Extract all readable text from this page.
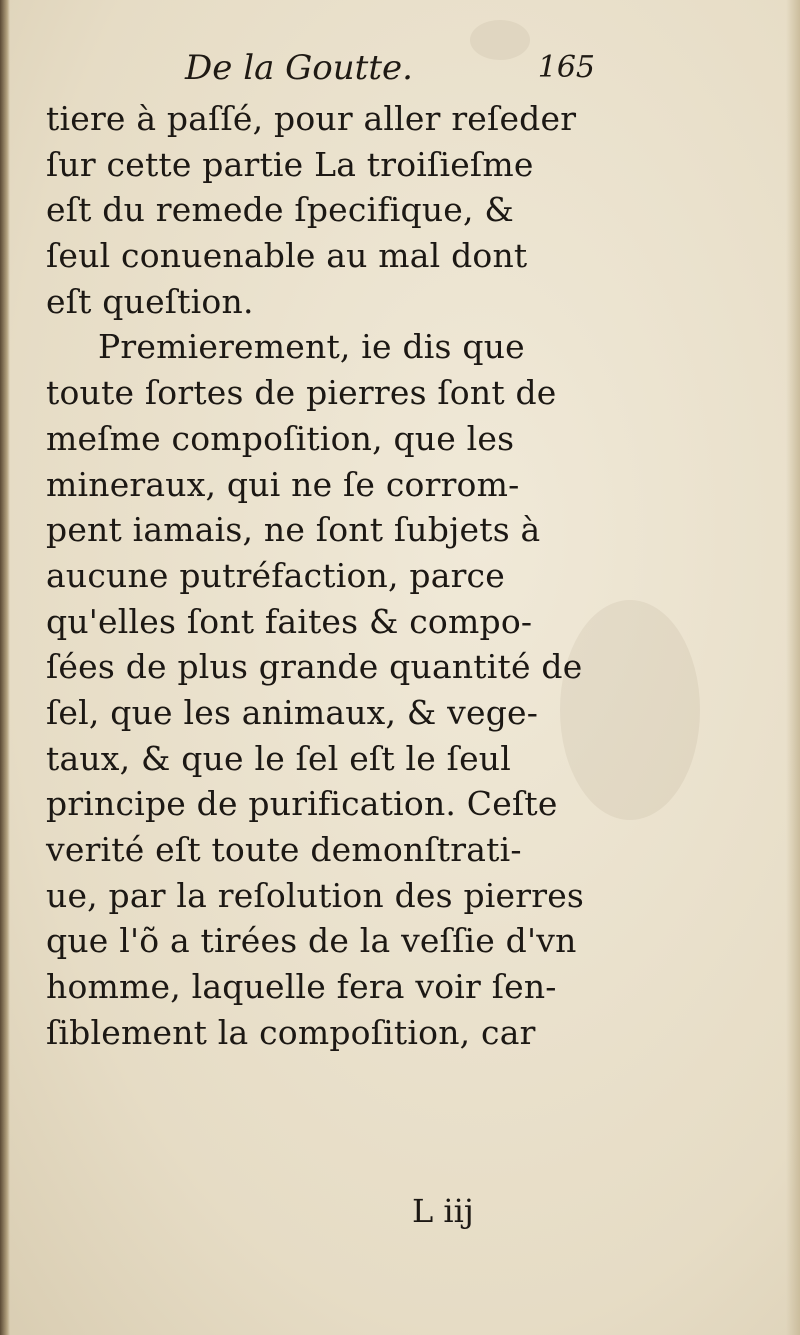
De la Goutte.	165
tiere à paſſé, pour aller reſeder
ſur cette partie La troiſieſme
eſt du remede ſpecifique, &
ſeul conuenable au mal dont
eſt queſtion.
Premierement, ie dis que
toute ſortes de pierres ſont de
meſme compoſition, que les
mineraux, qui ne ſe corrom-
pent iamais, ne ſont ſubjets à
aucune putréfaction, parce
qu'elles ſont faites & compo-
ſées de plus grande quantité de
ſel, que les animaux, & vege-
taux, & que le ſel eſt le ſeul
principe de purification. Ceſte
verité eſt toute demonſtrati-
ue, par la reſolution des pierres
que l'õ a tirées de la veſſie d'vn
homme, laquelle fera voir ſen-
ſiblement la compoſition, car
L iij
